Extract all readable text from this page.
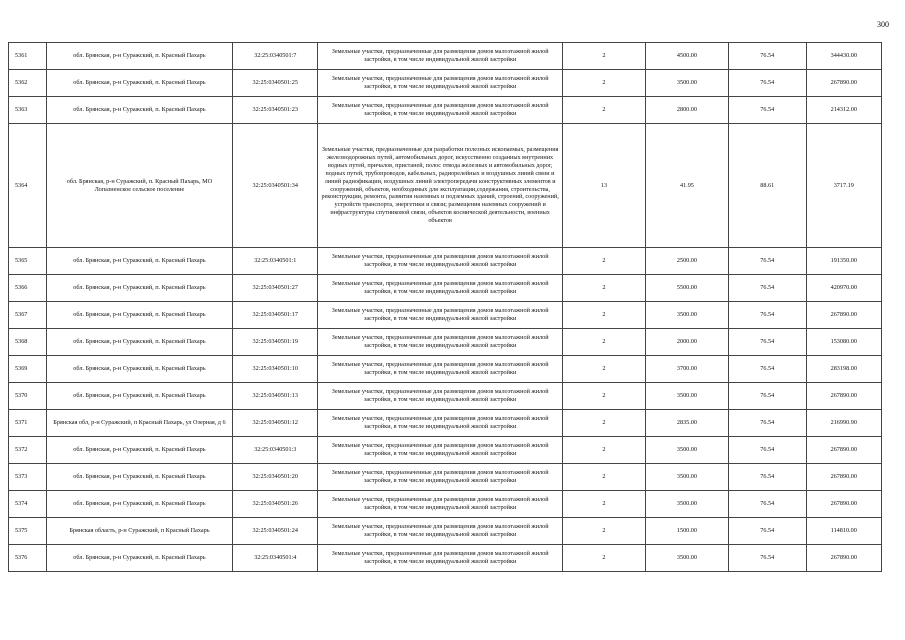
300
5361	обл. Брянская, р-н Суражский, п. Красный Пахарь	32:25:0340501:7	Земельные участки, предназначенные для размещения домов малоэтажной жилой застройки, в том числе индивидуальной жилой застройки	2	4500.00	76.54	344430.00
5362	обл. Брянская, р-н Суражский, п. Красный Пахарь	32:25:0340501:25	Земельные участки, предназначенные для размещения домов малоэтажной жилой застройки, в том числе индивидуальной жилой застройки	2	3500.00	76.54	267890.00
5363	обл. Брянская, р-н Суражский, п. Красный Пахарь	32:25:0340501:23	Земельные участки, предназначенные для размещения домов малоэтажной жилой застройки, в том числе индивидуальной жилой застройки	2	2800.00	76.54	214312.00
5364	обл. Брянская, р-н Суражский, п. Красный Пахарь, МО Лопазненское сельское поселение	32:25:0340501:34	Земельные участки, предназначенные для разработки полезных ископаемых, размещения железнодорожных путей, автомобильных дорог, искусственно созданных внутренних водных путей, причалов, пристаней, полос отвода железных и автомобильных дорог, водных путей, трубопроводов, кабельных, радиорелейных и воздушных линий связи и линий радиофикации, воздушных линий электропередачи конструктивных элементов и сооружений, объектов, необходимых для эксплуатации,содержания, строительства, реконструкции, ремонта, развития наземных и подземных зданий, строений, сооружений, устройств транспорта, энергетики и связи; размещения наземных сооружений и инфраструктуры спутниковой связи, объектов космической деятельности, военных объектов	13	41.95	88.61	3717.19
5365	обл. Брянская, р-н Суражский, п. Красный Пахарь	32:25:0340501:1	Земельные участки, предназначенные для размещения домов малоэтажной жилой застройки, в том числе индивидуальной жилой застройки	2	2500.00	76.54	191350.00
5366	обл. Брянская, р-н Суражский, п. Красный Пахарь	32:25:0340501:27	Земельные участки, предназначенные для размещения домов малоэтажной жилой застройки, в том числе индивидуальной жилой застройки	2	5500.00	76.54	420970.00
5367	обл. Брянская, р-н Суражский, п. Красный Пахарь	32:25:0340501:17	Земельные участки, предназначенные для размещения домов малоэтажной жилой застройки, в том числе индивидуальной жилой застройки	2	3500.00	76.54	267890.00
5368	обл. Брянская, р-н Суражский, п. Красный Пахарь	32:25:0340501:19	Земельные участки, предназначенные для размещения домов малоэтажной жилой застройки, в том числе индивидуальной жилой застройки	2	2000.00	76.54	153080.00
5369	обл. Брянская, р-н Суражский, п. Красный Пахарь	32:25:0340501:10	Земельные участки, предназначенные для размещения домов малоэтажной жилой застройки, в том числе индивидуальной жилой застройки	2	3700.00	76.54	283198.00
5370	обл. Брянская, р-н Суражский, п. Красный Пахарь	32:25:0340501:13	Земельные участки, предназначенные для размещения домов малоэтажной жилой застройки, в том числе индивидуальной жилой застройки	2	3500.00	76.54	267890.00
5371	Брянская обл, р-н Суражский, п Красный Пахарь, ул Озерная, д 6	32:25:0340501:12	Земельные участки, предназначенные для размещения домов малоэтажной жилой застройки, в том числе индивидуальной жилой застройки	2	2835.00	76.54	216990.90
5372	обл. Брянская, р-н Суражский, п. Красный Пахарь	32:25:0340501:3	Земельные участки, предназначенные для размещения домов малоэтажной жилой застройки, в том числе индивидуальной жилой застройки	2	3500.00	76.54	267890.00
5373	обл. Брянская, р-н Суражский, п. Красный Пахарь	32:25:0340501:20	Земельные участки, предназначенные для размещения домов малоэтажной жилой застройки, в том числе индивидуальной жилой застройки	2	3500.00	76.54	267890.00
5374	обл. Брянская, р-н Суражский, п. Красный Пахарь	32:25:0340501:26	Земельные участки, предназначенные для размещения домов малоэтажной жилой застройки, в том числе индивидуальной жилой застройки	2	3500.00	76.54	267890.00
5375	Брянская область, р-н Суражский, п Красный Пахарь	32:25:0340501:24	Земельные участки, предназначенные для размещения домов малоэтажной жилой застройки, в том числе индивидуальной жилой застройки	2	1500.00	76.54	114810.00
5376	обл. Брянская, р-н Суражский, п. Красный Пахарь	32:25:0340501:4	Земельные участки, предназначенные для размещения домов малоэтажной жилой застройки, в том числе индивидуальной жилой застройки	2	3500.00	76.54	267890.00
